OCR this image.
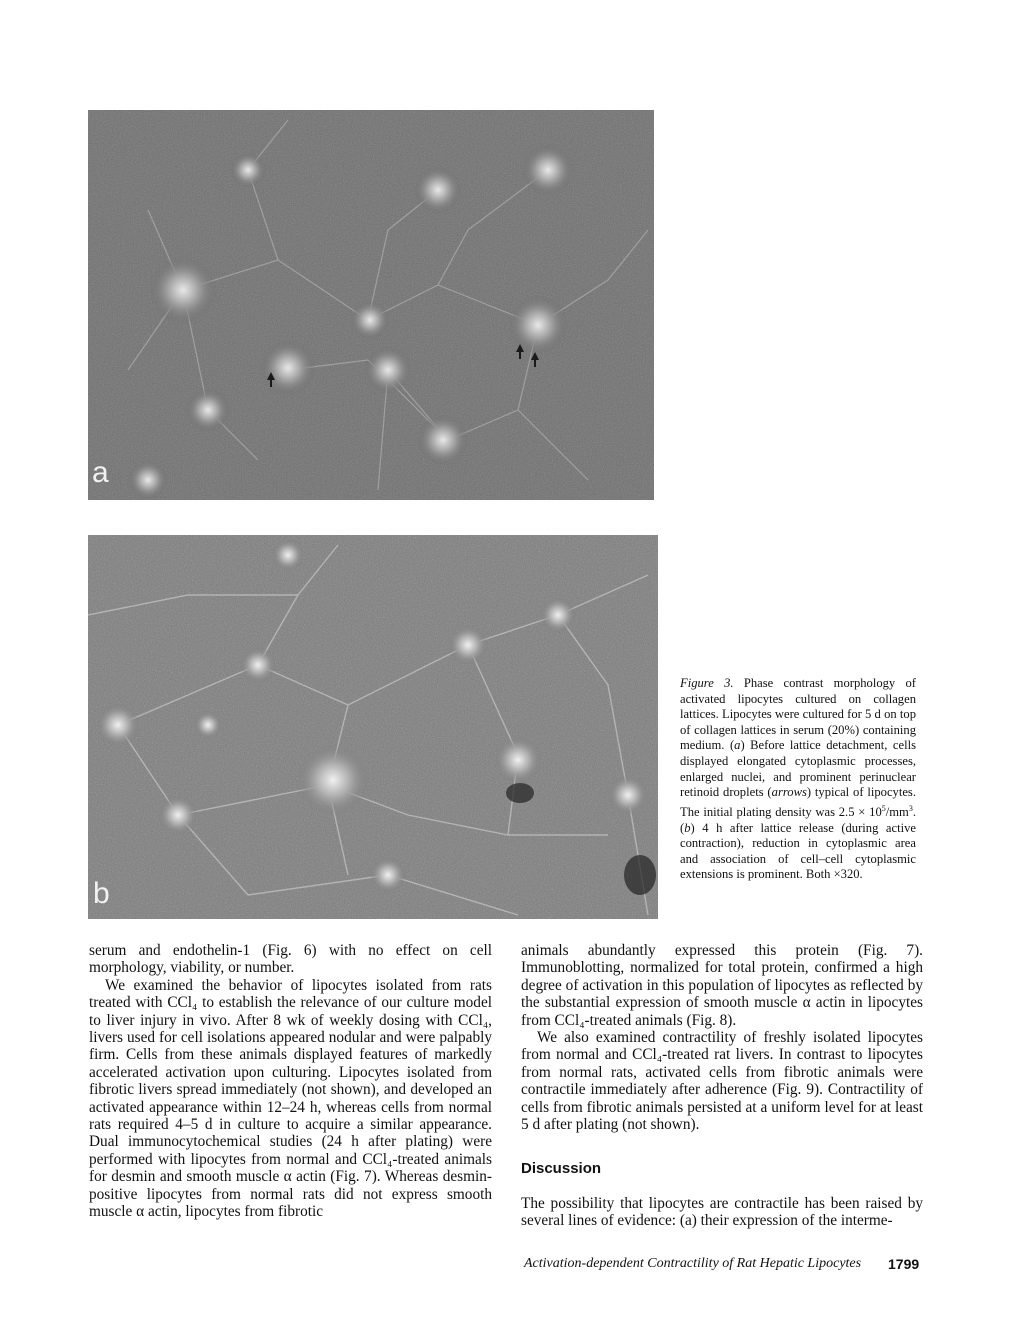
a
b
Figure 3. Phase contrast morphology of activated lipocytes cultured on collagen lattices. Lipocytes were cultured for 5 d on top of collagen lattices in serum (20%) containing medium. (a) Before lattice detachment, cells displayed elongated cytoplasmic processes, enlarged nuclei, and prominent perinuclear retinoid droplets (arrows) typical of lipocytes. The initial plating density was $2.5 \times 10^5/mm^3$. (b) 4 h after lattice release (during active contraction), reduction in cytoplasmic area and association of cell–cell cytoplasmic extensions is prominent. Both ×320.

serum and endothelin-1 (Fig. 6) with no effect on cell morphology, viability, or number.

We examined the behavior of lipocytes isolated from rats treated with CCl₄ to establish the relevance of our culture model to liver injury in vivo. After 8 wk of weekly dosing with CCl₄, livers used for cell isolations appeared nodular and were palpably firm. Cells from these animals displayed features of markedly accelerated activation upon culturing. Lipocytes isolated from fibrotic livers spread immediately (not shown), and developed an activated appearance within 12–24 h, whereas cells from normal rats required 4–5 d in culture to acquire a similar appearance. Dual immunocytochemical studies (24 h after plating) were performed with lipocytes from normal and CCl₄-treated animals for desmin and smooth muscle α actin (Fig. 7). Whereas desmin-positive lipocytes from normal rats did not express smooth muscle α actin, lipocytes from fibrotic

animals abundantly expressed this protein (Fig. 7). Immunoblotting, normalized for total protein, confirmed a high degree of activation in this population of lipocytes as reflected by the substantial expression of smooth muscle α actin in lipocytes from CCl₄-treated animals (Fig. 8).

We also examined contractility of freshly isolated lipocytes from normal and CCl₄-treated rat livers. In contrast to lipocytes from normal rats, activated cells from fibrotic animals were contractile immediately after adherence (Fig. 9). Contractility of cells from fibrotic animals persisted at a uniform level for at least 5 d after plating (not shown).

Discussion

The possibility that lipocytes are contractile has been raised by several lines of evidence: (a) their expression of the interme-

Activation-dependent Contractility of Rat Hepatic Lipocytes 1799
